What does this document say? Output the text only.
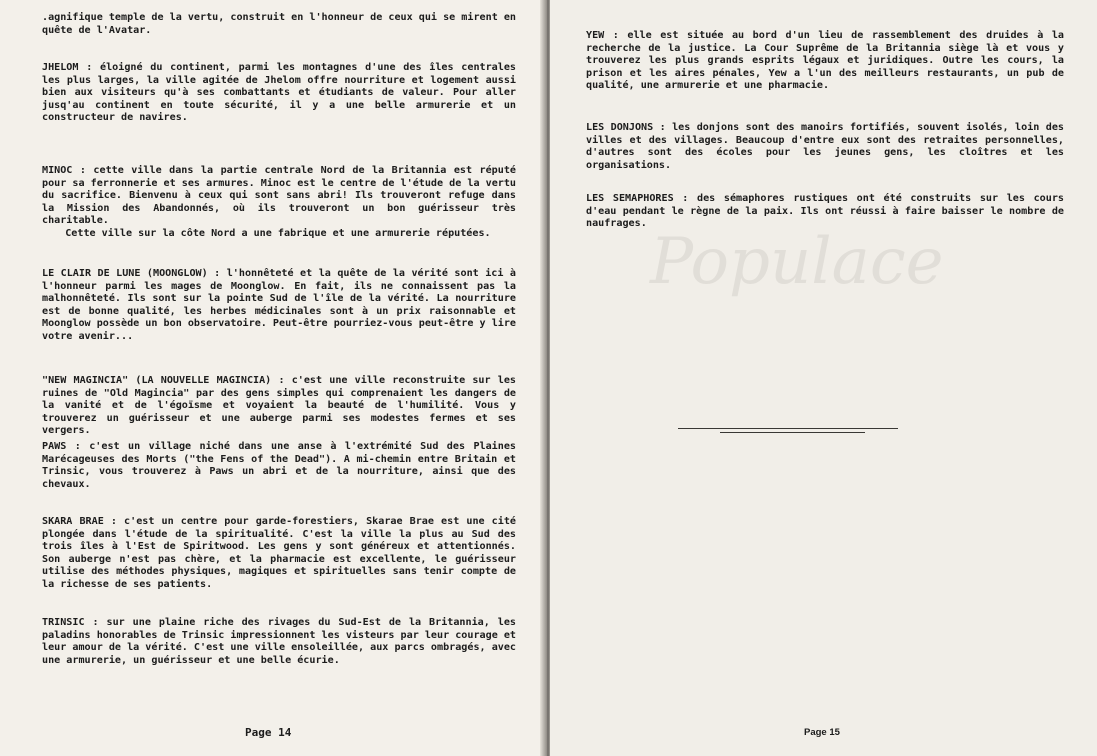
.agnifique temple de la vertu, construit en l'honneur de ceux qui se mirent en quête de l'Avatar.

JHELOM : éloigné du continent, parmi les montagnes d'une des îles centrales les plus larges, la ville agitée de Jhelom offre nourriture et logement aussi bien aux visiteurs qu'à ses combattants et étudiants de valeur. Pour aller jusq'au continent en toute sécurité, il y a une belle armurerie et un constructeur de navires.

MINOC : cette ville dans la partie centrale Nord de la Britannia est réputé pour sa ferronnerie et ses armures. Minoc est le centre de l'étude de la vertu du sacrifice. Bienvenu à ceux qui sont sans abri! Ils trouveront refuge dans la Mission des Abandonnés, où ils trouveront un bon guérisseur très charitable.

Cette ville sur la côte Nord a une fabrique et une armurerie réputées.

LE CLAIR DE LUNE (MOONGLOW) : l'honnêteté et la quête de la vérité sont ici à l'honneur parmi les mages de Moonglow. En fait, ils ne connaissent pas la malhonnêteté. Ils sont sur la pointe Sud de l'île de la vérité. La nourriture est de bonne qualité, les herbes médicinales sont à un prix raisonnable et Moonglow possède un bon observatoire. Peut-être pourriez-vous peut-être y lire votre avenir...

"NEW MAGINCIA" (LA NOUVELLE MAGINCIA) : c'est une ville reconstruite sur les ruines de "Old Magincia" par des gens simples qui comprenaient les dangers de la vanité et de l'égoïsme et voyaient la beauté de l'humilité. Vous y trouverez un guérisseur et une auberge parmi ses modestes fermes et ses vergers.

PAWS : c'est un village niché dans une anse à l'extrémité Sud des Plaines Marécageuses des Morts ("the Fens of the Dead"). A mi-chemin entre Britain et Trinsic, vous trouverez à Paws un abri et de la nourriture, ainsi que des chevaux.

SKARA BRAE : c'est un centre pour garde-forestiers, Skarae Brae est une cité plongée dans l'étude de la spiritualité. C'est la ville la plus au Sud des trois îles à l'Est de Spiritwood. Les gens y sont généreux et attentionnés. Son auberge n'est pas chère, et la pharmacie est excellente, le guérisseur utilise des méthodes physiques, magiques et spirituelles sans tenir compte de la richesse de ses patients.

TRINSIC : sur une plaine riche des rivages du Sud-Est de la Britannia, les paladins honorables de Trinsic impressionnent les visteurs par leur courage et leur amour de la vérité. C'est une ville ensoleillée, aux parcs ombragés, avec une armurerie, un guérisseur et une belle écurie.

Page 14
Populace

YEW : elle est située au bord d'un lieu de rassemblement des druides à la recherche de la justice. La Cour Suprême de la Britannia siège là et vous y trouverez les plus grands esprits légaux et juridiques. Outre les cours, la prison et les aires pénales, Yew a l'un des meilleurs restaurants, un pub de qualité, une armurerie et une pharmacie.

LES DONJONS : les donjons sont des manoirs fortifiés, souvent isolés, loin des villes et des villages. Beaucoup d'entre eux sont des retraites personnelles, d'autres sont des écoles pour les jeunes gens, les cloîtres et les organisations.

LES SEMAPHORES : des sémaphores rustiques ont été construits sur les cours d'eau pendant le règne de la paix. Ils ont réussi à faire baisser le nombre de naufrages.

Page 15
